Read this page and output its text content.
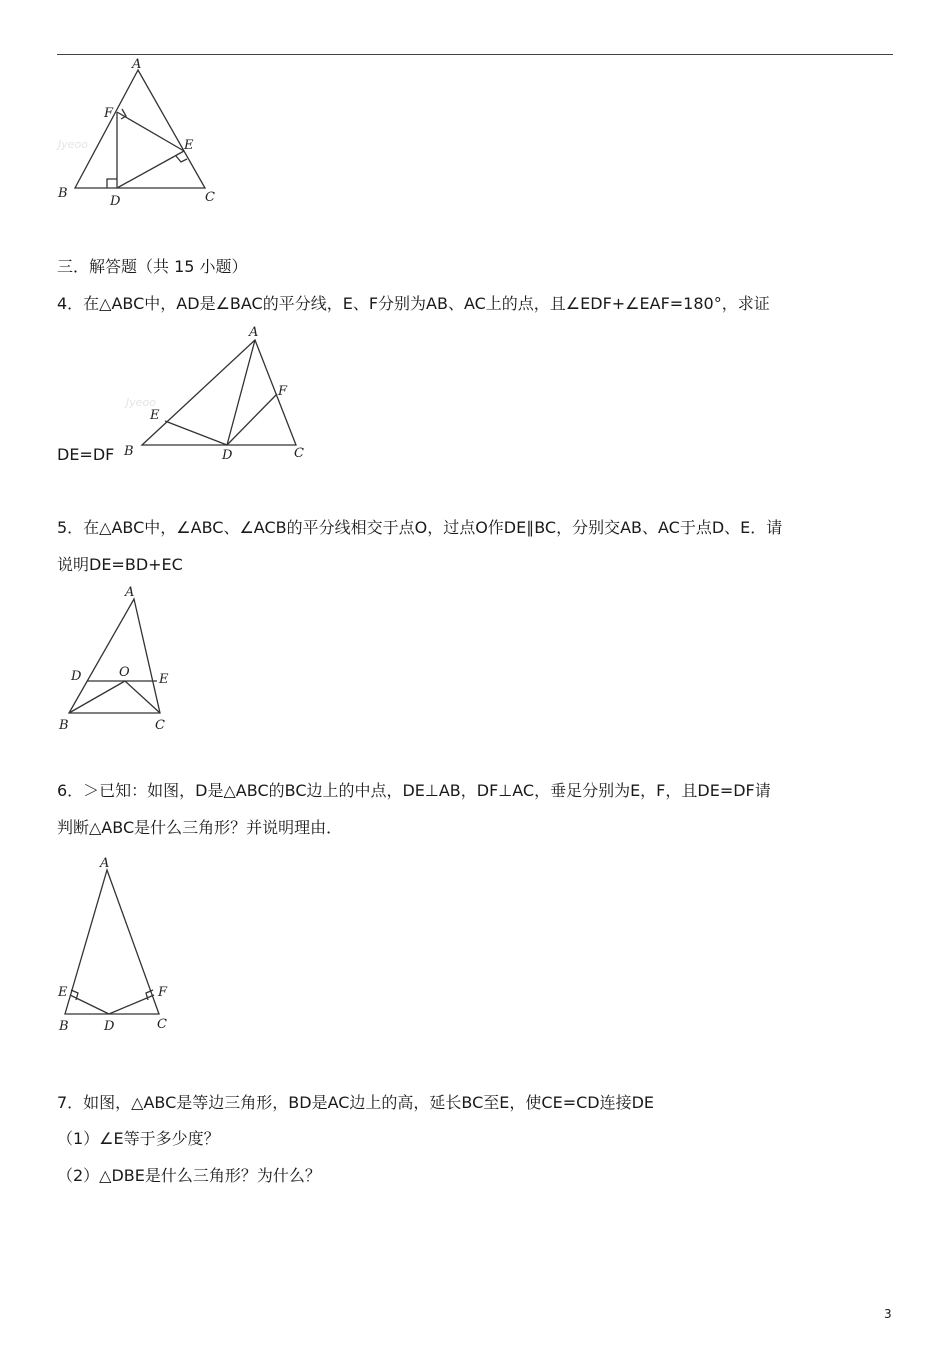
Jyeoo
A
F
E
B
D	C
三．解答题（共 15 小题）
4．在△ABC中，AD是∠BAC的平分线，E、F分别为AB、AC上的点，且∠EDF+∠EAF=180°，求证
Jyeoo
A
F
E
B	D	C
DE=DF
5．在△ABC中，∠ABC、∠ACB的平分线相交于点O，过点O作DE∥BC，分别交AB、AC于点D、E．请
说明DE=BD+EC
A
O
D	E
B	C
6．＞已知：如图，D是△ABC的BC边上的中点，DE⊥AB，DF⊥AC，垂足分别为E，F，且DE=DF请
判断△ABC是什么三角形？并说明理由．
A
E	F
B	D	C
7．如图，△ABC是等边三角形，BD是AC边上的高，延长BC至E，使CE=CD连接DE
（1）∠E等于多少度？
（2）△DBE是什么三角形？为什么？
3
